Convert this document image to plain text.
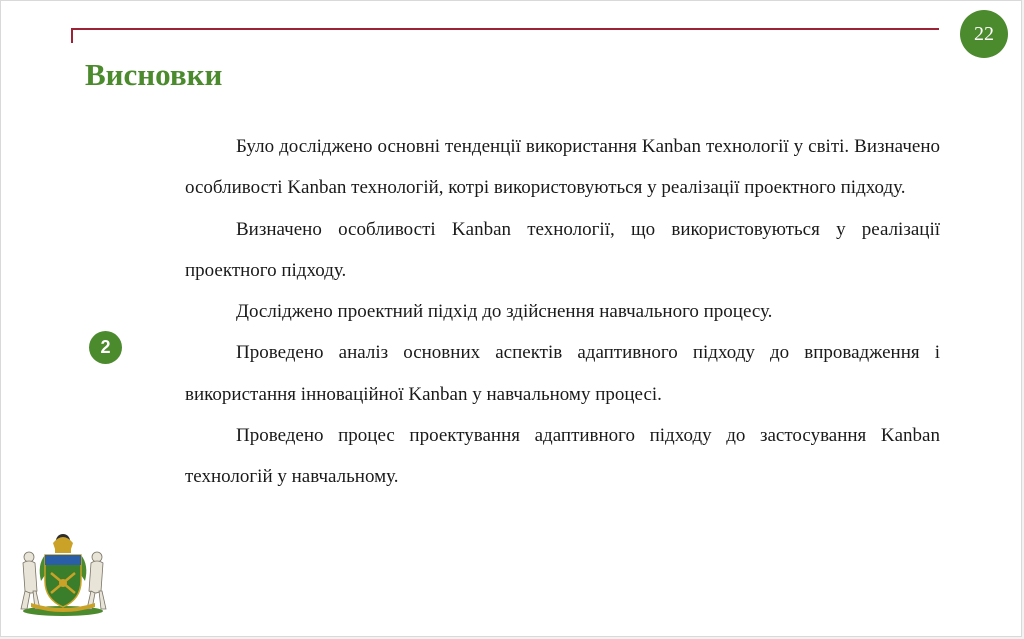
22
Висновки
2

Було досліджено основні тенденції використання Kanban технології у світі. Визначено особливості Kanban технологій, котрі використовуються у реалізації проектного підходу.

Визначено особливості Kanban технології, що використовуються у реалізації проектного підходу.

Досліджено проектний підхід до здійснення навчального процесу.

Проведено аналіз основних аспектів адаптивного підходу до впровадження і використання інноваційної Kanban у навчальному процесі.

Проведено процес проектування адаптивного підходу до застосування Kanban технологій у навчальному.
